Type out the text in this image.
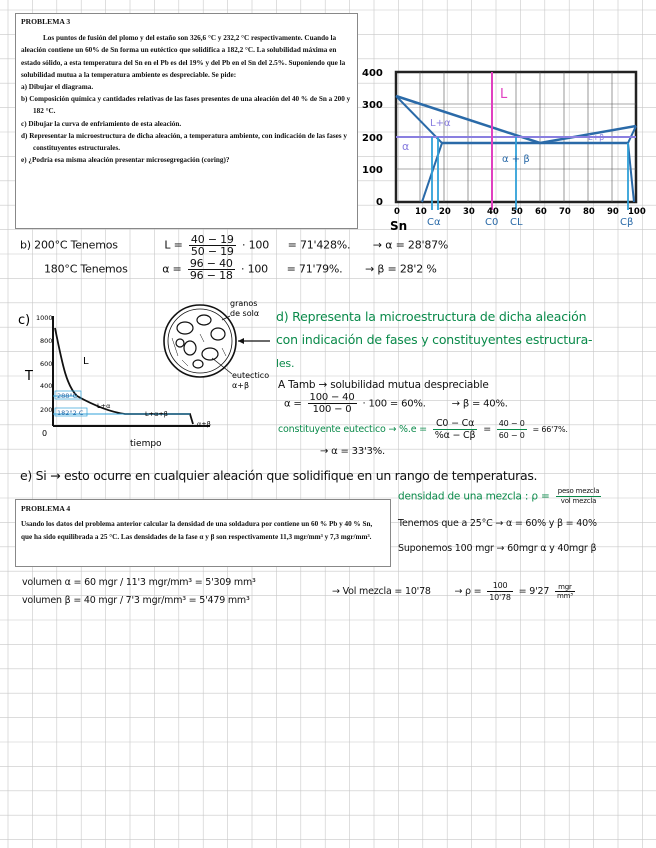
PROBLEMA 3

Los puntos de fusión del plomo y del estaño son 326,6 °C y 232,2 °C respectivamente. Cuando la aleación contiene un 60% de Sn forma un eutéctico que solidifica a 182,2 °C. La solubilidad máxima en estado sólido, a esta temperatura del Sn en el Pb es del 19% y del Pb en el Sn del 2.5%. Suponiendo que la solubilidad mutua a la temperatura ambiente es despreciable. Se pide:

a) Dibujar el diagrama.

b) Composición química y cantidades relativas de las fases presentes de una aleación del 40 % de Sn a 200 y 182 °C.

c) Dibujar la curva de enfriamiento de esta aleación.

d) Representar la microestructura de dicha aleación, a temperatura ambiente, con indicación de las fases y constituyentes estructurales.

e) ¿Podría esa misma aleación presentar microsegregación (coring)?

400
300
200
100
0
0 10 20 30 40 50 60 70 80 90 100
Sn
L
L+α
α
L+β
α + β
Cα	C0 CL	Cβ
b) 200°C Tenemos	$L = \frac{40 - 19}{50 - 19} \cdot 100 = 71'428\%$. → α = 28'87%
180°C Tenemos	$\alpha = \frac{96 - 40}{96 - 18} \cdot 100 = 71'79\%$. → β = 28'2 %
c)
T
1000
800
600
400
200
0
288°C
182°2 C
L
L+α
L+α+β
α+β
tiempo
granos
de solα
eutectico
α+β
d) Representa la microestructura de dicha aleación
con indicación de fases y constituyentes estructura-
les.
A Tamb → solubilidad mutua despreciable
$\alpha = \frac{100 - 40}{100 - 0} \cdot 100 = 60\%$.	→ β = 40%.
constituyente eutectico → $\%.e = \frac{C0 - C\alpha}{\%\alpha - C\beta} = \frac{40 - 0}{60 - 0} = 66'7\%$.
→ α = 33'3%.
e) Si → esto ocurre en cualquier aleación que solidifique en un rango de temperaturas.

PROBLEMA 4

Usando los datos del problema anterior calcular la densidad de una soldadura por contiene un 60 % Pb y 40 % Sn, que ha sido equilibrada a 25 °C. Las densidades de la fase α y β son respectivamente 11,3 mgr/mm³ y 7,3 mgr/mm³.

densidad de una mezcla : $\rho = \frac{\text{peso mezcla}}{\text{vol mezcla}}$
Tenemos que a 25°C → α = 60% y β = 40%
Suponemos 100 mgr → 60mgr α y 40mgr β
volumen α = 60 mgr / 11'3 mgr/mm³ = 5'309 mm³
volumen β = 40 mgr / 7'3 mgr/mm³ = 5'479 mm³
→ Vol mezcla = $10'78 \to \rho = \frac{100}{10'78} = 9'27 \frac{\text{mgr}}{\text{mm³}}$
